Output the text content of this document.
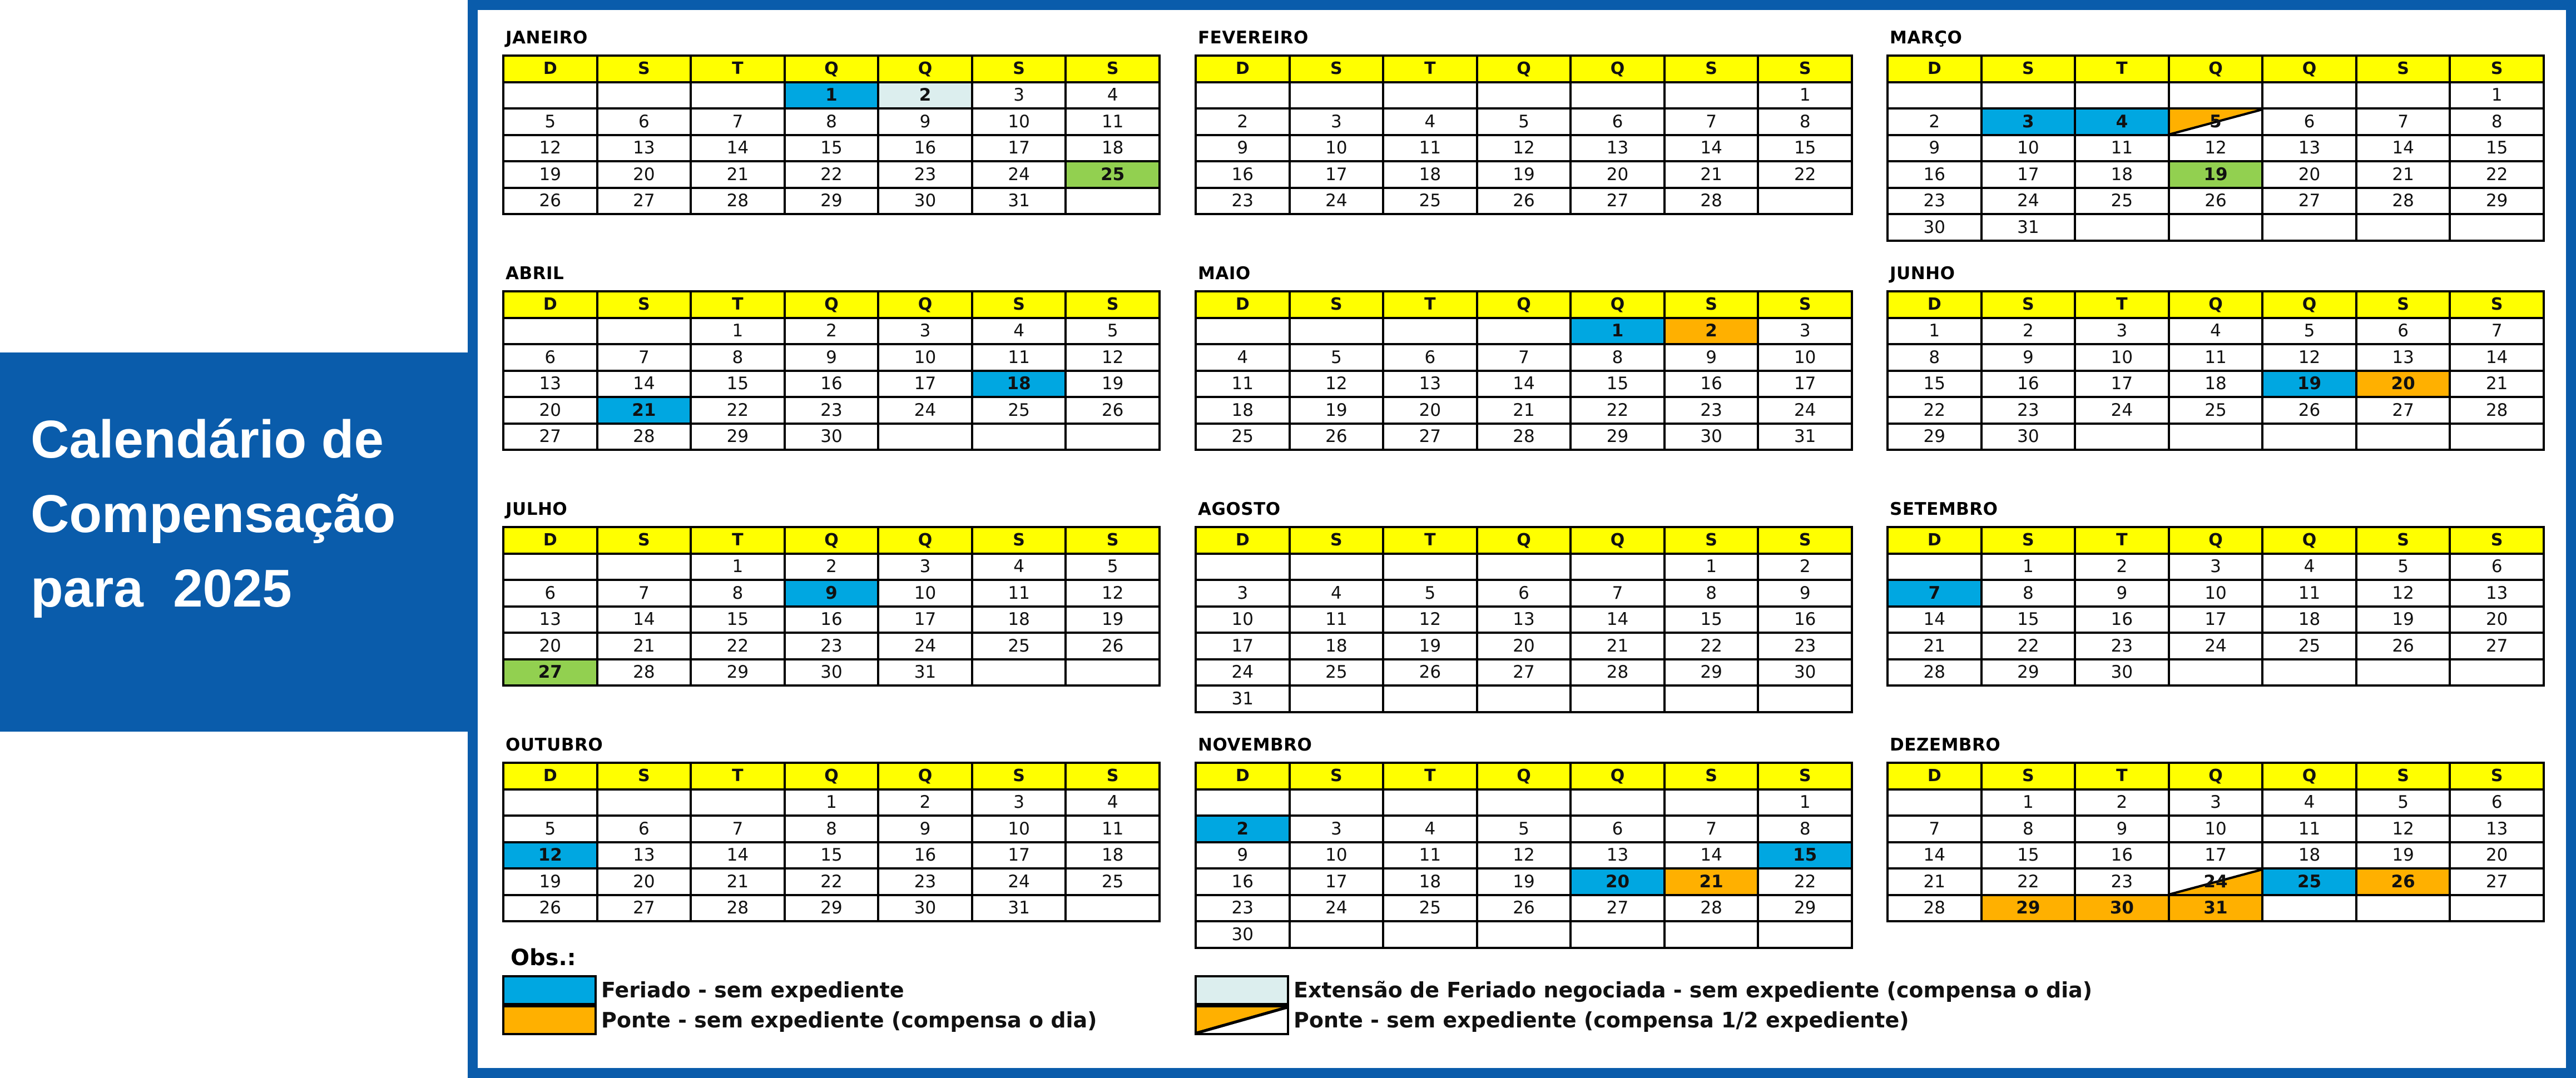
Calendário de
Compensação
para  2025
JANEIRO
D	S	T	Q	Q	S	S
			1	2	3	4
5	6	7	8	9	10	11
12	13	14	15	16	17	18
19	20	21	22	23	24	25
26	27	28	29	30	31	
FEVEREIRO
D	S	T	Q	Q	S	S
						1
2	3	4	5	6	7	8
9	10	11	12	13	14	15
16	17	18	19	20	21	22
23	24	25	26	27	28	
MARÇO
D	S	T	Q	Q	S	S
						1
2	3	4	5	6	7	8
9	10	11	12	13	14	15
16	17	18	19	20	21	22
23	24	25	26	27	28	29
30	31					
ABRIL
D	S	T	Q	Q	S	S
		1	2	3	4	5
6	7	8	9	10	11	12
13	14	15	16	17	18	19
20	21	22	23	24	25	26
27	28	29	30			
MAIO
D	S	T	Q	Q	S	S
				1	2	3
4	5	6	7	8	9	10
11	12	13	14	15	16	17
18	19	20	21	22	23	24
25	26	27	28	29	30	31
JUNHO
D	S	T	Q	Q	S	S
1	2	3	4	5	6	7
8	9	10	11	12	13	14
15	16	17	18	19	20	21
22	23	24	25	26	27	28
29	30					
JULHO
D	S	T	Q	Q	S	S
		1	2	3	4	5
6	7	8	9	10	11	12
13	14	15	16	17	18	19
20	21	22	23	24	25	26
27	28	29	30	31		
AGOSTO
D	S	T	Q	Q	S	S
					1	2
3	4	5	6	7	8	9
10	11	12	13	14	15	16
17	18	19	20	21	22	23
24	25	26	27	28	29	30
31						
SETEMBRO
D	S	T	Q	Q	S	S
	1	2	3	4	5	6
7	8	9	10	11	12	13
14	15	16	17	18	19	20
21	22	23	24	25	26	27
28	29	30				
OUTUBRO
D	S	T	Q	Q	S	S
			1	2	3	4
5	6	7	8	9	10	11
12	13	14	15	16	17	18
19	20	21	22	23	24	25
26	27	28	29	30	31	
NOVEMBRO
D	S	T	Q	Q	S	S
						1
2	3	4	5	6	7	8
9	10	11	12	13	14	15
16	17	18	19	20	21	22
23	24	25	26	27	28	29
30						
DEZEMBRO
D	S	T	Q	Q	S	S
	1	2	3	4	5	6
7	8	9	10	11	12	13
14	15	16	17	18	19	20
21	22	23	24	25	26	27
28	29	30	31			
Obs.:
Feriado - sem expediente
Ponte - sem expediente (compensa o dia)
Extensão de Feriado negociada - sem expediente (compensa o dia)
Ponte - sem expediente (compensa 1/2 expediente)
